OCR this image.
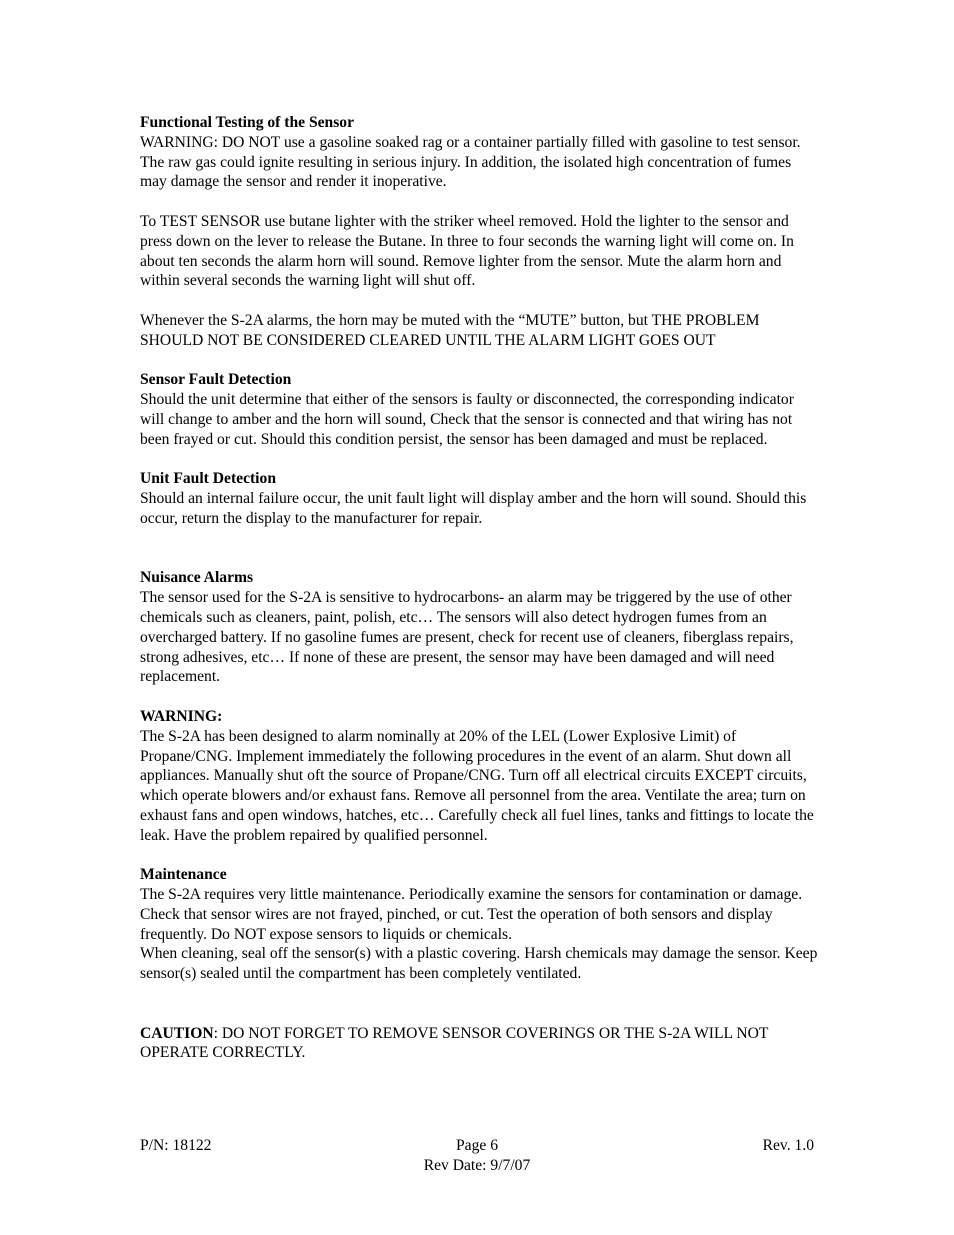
Functional Testing of the Sensor

WARNING: DO NOT use a gasoline soaked rag or a container partially filled with gasoline to test sensor. The raw gas could ignite resulting in serious injury. In addition, the isolated high concentration of fumes may damage the sensor and render it inoperative.

To TEST SENSOR use butane lighter with the striker wheel removed. Hold the lighter to the sensor and press down on the lever to release the Butane. In three to four seconds the warning light will come on. In about ten seconds the alarm horn will sound. Remove lighter from the sensor. Mute the alarm horn and within several seconds the warning light will shut off.

Whenever the S-2A alarms, the horn may be muted with the “MUTE” button, but THE PROBLEM SHOULD NOT BE CONSIDERED CLEARED UNTIL THE ALARM LIGHT GOES OUT

Sensor Fault Detection

Should the unit determine that either of the sensors is faulty or disconnected, the corresponding indicator will change to amber and the horn will sound, Check that the sensor is connected and that wiring has not been frayed or cut. Should this condition persist, the sensor has been damaged and must be replaced.

Unit Fault Detection

Should an internal failure occur, the unit fault light will display amber and the horn will sound. Should this occur, return the display to the manufacturer for repair.

Nuisance Alarms

The sensor used for the S-2A is sensitive to hydrocarbons- an alarm may be triggered by the use of other chemicals such as cleaners, paint, polish, etc… The sensors will also detect hydrogen fumes from an overcharged battery. If no gasoline fumes are present, check for recent use of cleaners, fiberglass repairs, strong adhesives, etc… If none of these are present, the sensor may have been damaged and will need replacement.

WARNING:

The S-2A has been designed to alarm nominally at 20% of the LEL (Lower Explosive Limit) of Propane/CNG. Implement immediately the following procedures in the event of an alarm. Shut down all appliances. Manually shut oft the source of Propane/CNG. Turn off all electrical circuits EXCEPT circuits, which operate blowers and/or exhaust fans. Remove all personnel from the area. Ventilate the area; turn on exhaust fans and open windows, hatches, etc… Carefully check all fuel lines, tanks and fittings to locate the leak. Have the problem repaired by qualified personnel.

Maintenance

The S-2A requires very little maintenance. Periodically examine the sensors for contamination or damage. Check that sensor wires are not frayed, pinched, or cut. Test the operation of both sensors and display frequently. Do NOT expose sensors to liquids or chemicals.

When cleaning, seal off the sensor(s) with a plastic covering. Harsh chemicals may damage the sensor. Keep sensor(s) sealed until the compartment has been completely ventilated.

CAUTION: DO NOT FORGET TO REMOVE SENSOR COVERINGS OR THE S-2A WILL NOT OPERATE CORRECTLY.

P/N: 18122	Page 6
Rev Date: 9/7/07
Rev. 1.0
